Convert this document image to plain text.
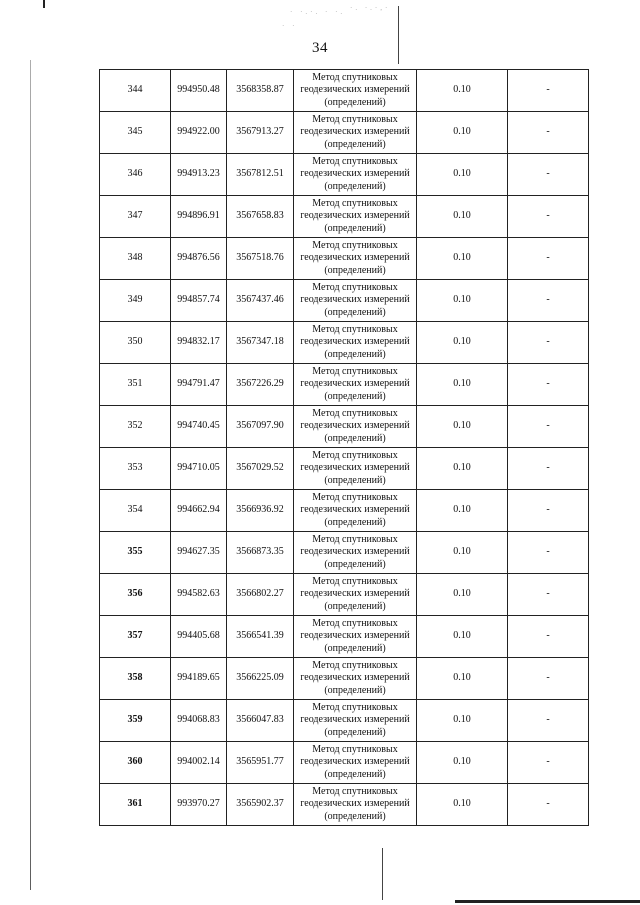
· ·.·. · ·. ·. ·.·,·
· ·
34
344	994950.48	3568358.87	Метод спутниковых
геодезических измерений
(определений)	0.10	-
345	994922.00	3567913.27	Метод спутниковых
геодезических измерений
(определений)	0.10	-
346	994913.23	3567812.51	Метод спутниковых
геодезических измерений
(определений)	0.10	-
347	994896.91	3567658.83	Метод спутниковых
геодезических измерений
(определений)	0.10	-
348	994876.56	3567518.76	Метод спутниковых
геодезических измерений
(определений)	0.10	-
349	994857.74	3567437.46	Метод спутниковых
геодезических измерений
(определений)	0.10	-
350	994832.17	3567347.18	Метод спутниковых
геодезических измерений
(определений)	0.10	-
351	994791.47	3567226.29	Метод спутниковых
геодезических измерений
(определений)	0.10	-
352	994740.45	3567097.90	Метод спутниковых
геодезических измерений
(определений)	0.10	-
353	994710.05	3567029.52	Метод спутниковых
геодезических измерений
(определений)	0.10	-
354	994662.94	3566936.92	Метод спутниковых
геодезических измерений
(определений)	0.10	-
355	994627.35	3566873.35	Метод спутниковых
геодезических измерений
(определений)	0.10	-
356	994582.63	3566802.27	Метод спутниковых
геодезических измерений
(определений)	0.10	-
357	994405.68	3566541.39	Метод спутниковых
геодезических измерений
(определений)	0.10	-
358	994189.65	3566225.09	Метод спутниковых
геодезических измерений
(определений)	0.10	-
359	994068.83	3566047.83	Метод спутниковых
геодезических измерений
(определений)	0.10	-
360	994002.14	3565951.77	Метод спутниковых
геодезических измерений
(определений)	0.10	-
361	993970.27	3565902.37	Метод спутниковых
геодезических измерений
(определений)	0.10	-
